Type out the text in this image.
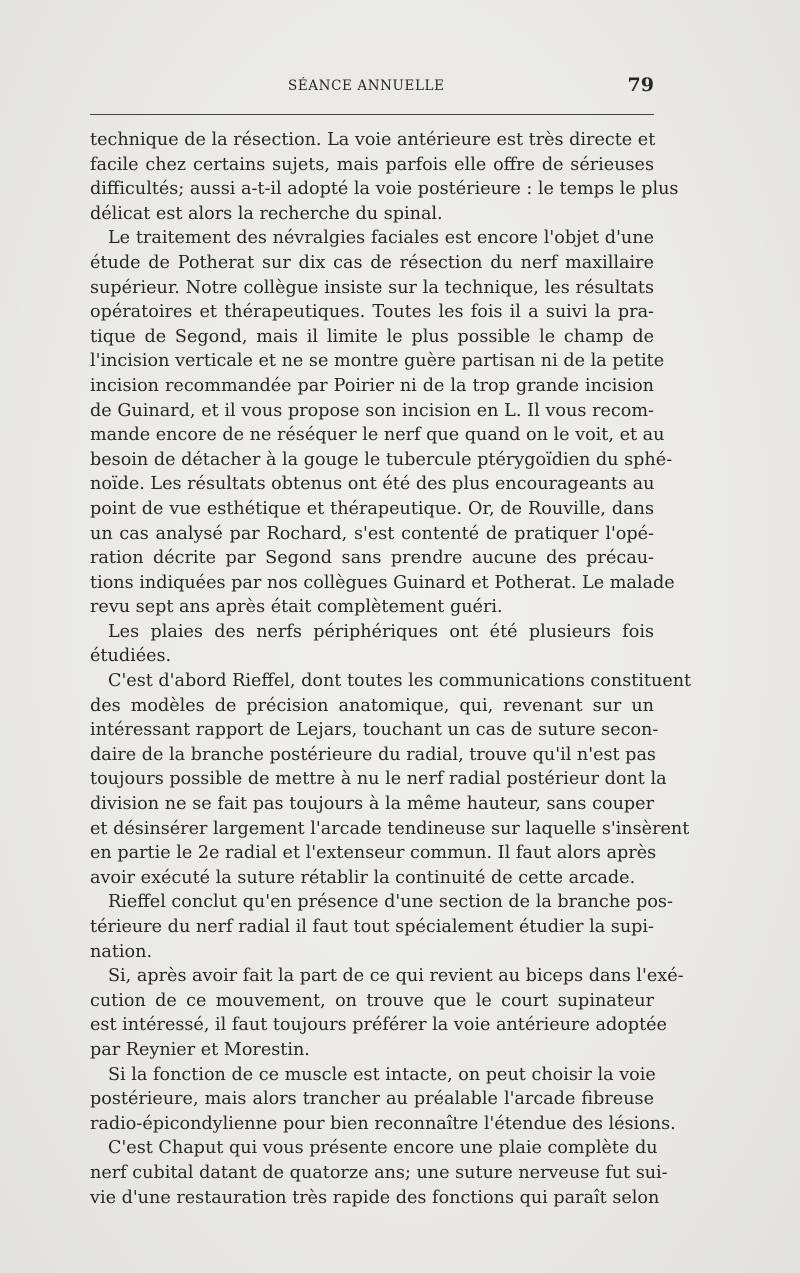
SÉANCE ANNUELLE	79
technique de la résection. La voie antérieure est très directe et
facile chez certains sujets, mais parfois elle offre de sérieuses
difficultés; aussi a-t-il adopté la voie postérieure : le temps le plus
délicat est alors la recherche du spinal.
Le traitement des névralgies faciales est encore l'objet d'une
étude de Potherat sur dix cas de résection du nerf maxillaire
supérieur. Notre collègue insiste sur la technique, les résultats
opératoires et thérapeutiques. Toutes les fois il a suivi la pra-
tique de Segond, mais il limite le plus possible le champ de
l'incision verticale et ne se montre guère partisan ni de la petite
incision recommandée par Poirier ni de la trop grande incision
de Guinard, et il vous propose son incision en L. Il vous recom-
mande encore de ne réséquer le nerf que quand on le voit, et au
besoin de détacher à la gouge le tubercule ptérygoïdien du sphé-
noïde. Les résultats obtenus ont été des plus encourageants au
point de vue esthétique et thérapeutique. Or, de Rouville, dans
un cas analysé par Rochard, s'est contenté de pratiquer l'opé-
ration décrite par Segond sans prendre aucune des précau-
tions indiquées par nos collègues Guinard et Potherat. Le malade
revu sept ans après était complètement guéri.
Les plaies des nerfs périphériques ont été plusieurs fois
étudiées.
C'est d'abord Rieffel, dont toutes les communications constituent
des modèles de précision anatomique, qui, revenant sur un
intéressant rapport de Lejars, touchant un cas de suture secon-
daire de la branche postérieure du radial, trouve qu'il n'est pas
toujours possible de mettre à nu le nerf radial postérieur dont la
division ne se fait pas toujours à la même hauteur, sans couper
et désinsérer largement l'arcade tendineuse sur laquelle s'insèrent
en partie le 2e radial et l'extenseur commun. Il faut alors après
avoir exécuté la suture rétablir la continuité de cette arcade.
Rieffel conclut qu'en présence d'une section de la branche pos-
térieure du nerf radial il faut tout spécialement étudier la supi-
nation.
Si, après avoir fait la part de ce qui revient au biceps dans l'exé-
cution de ce mouvement, on trouve que le court supinateur
est intéressé, il faut toujours préférer la voie antérieure adoptée
par Reynier et Morestin.
Si la fonction de ce muscle est intacte, on peut choisir la voie
postérieure, mais alors trancher au préalable l'arcade fibreuse
radio-épicondylienne pour bien reconnaître l'étendue des lésions.
C'est Chaput qui vous présente encore une plaie complète du
nerf cubital datant de quatorze ans; une suture nerveuse fut sui-
vie d'une restauration très rapide des fonctions qui paraît selon
